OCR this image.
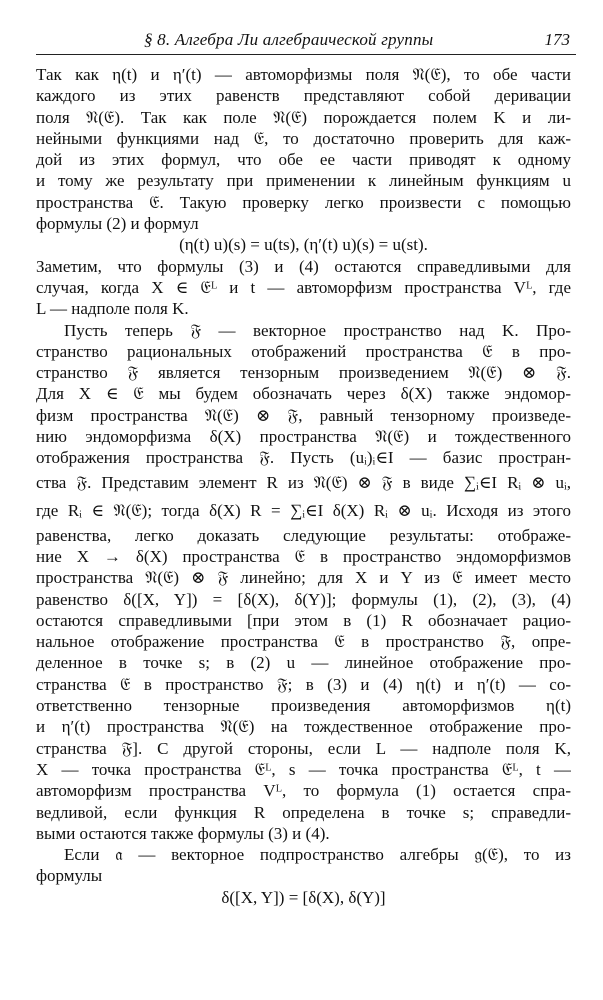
§ 8. Алгебра Ли алгебраической группы	173
Так как η(t) и η′(t) — автоморфизмы поля 𝔑(𝔈), то обе части
каждого из этих равенств представляют собой деривации
поля 𝔑(𝔈). Так как поле 𝔑(𝔈) порождается полем K и ли-
нейными функциями над 𝔈, то достаточно проверить для каж-
дой из этих формул, что обе ее части приводят к одному
и тому же результату при применении к линейным функциям u
пространства 𝔈. Такую проверку легко произвести с помощью
формулы (2) и формул
(η(t) u)(s) = u(ts), (η′(t) u)(s) = u(st).
Заметим, что формулы (3) и (4) остаются справедливыми для
случая, когда X ∈ 𝔈ᴸ и t — автоморфизм пространства Vᴸ, где
L — надполе поля K.
Пусть теперь 𝔉 — векторное пространство над K. Про-
странство рациональных отображений пространства 𝔈 в про-
странство 𝔉 является тензорным произведением 𝔑(𝔈) ⊗ 𝔉.
Для X ∈ 𝔈 мы будем обозначать через δ(X) также эндомор-
физм пространства 𝔑(𝔈) ⊗ 𝔉, равный тензорному произведе-
нию эндоморфизма δ(X) пространства 𝔑(𝔈) и тождественного
отображения пространства 𝔉. Пусть (uᵢ)ᵢ∈I — базис простран-
ства 𝔉. Представим элемент R из 𝔑(𝔈) ⊗ 𝔉 в виде ∑ᵢ∈I Rᵢ ⊗ uᵢ,
где Rᵢ ∈ 𝔑(𝔈); тогда δ(X) R = ∑ᵢ∈I δ(X) Rᵢ ⊗ uᵢ. Исходя из этого
равенства, легко доказать следующие результаты: отображе-
ние X → δ(X) пространства 𝔈 в пространство эндоморфизмов
пространства 𝔑(𝔈) ⊗ 𝔉 линейно; для X и Y из 𝔈 имеет место
равенство δ([X, Y]) = [δ(X), δ(Y)]; формулы (1), (2), (3), (4)
остаются справедливыми [при этом в (1) R обозначает рацио-
нальное отображение пространства 𝔈 в пространство 𝔉, опре-
деленное в точке s; в (2) u — линейное отображение про-
странства 𝔈 в пространство 𝔉; в (3) и (4) η(t) и η′(t) — со-
ответственно тензорные произведения автоморфизмов η(t)
и η′(t) пространства 𝔑(𝔈) на тождественное отображение про-
странства 𝔉]. С другой стороны, если L — надполе поля K,
X — точка пространства 𝔈ᴸ, s — точка пространства 𝔈ᴸ, t —
автоморфизм пространства Vᴸ, то формула (1) остается спра-
ведливой, если функция R определена в точке s; справедли-
выми остаются также формулы (3) и (4).
Если 𝔞 — векторное подпространство алгебры 𝔤(𝔈), то из
формулы
δ([X, Y]) = [δ(X), δ(Y)]
